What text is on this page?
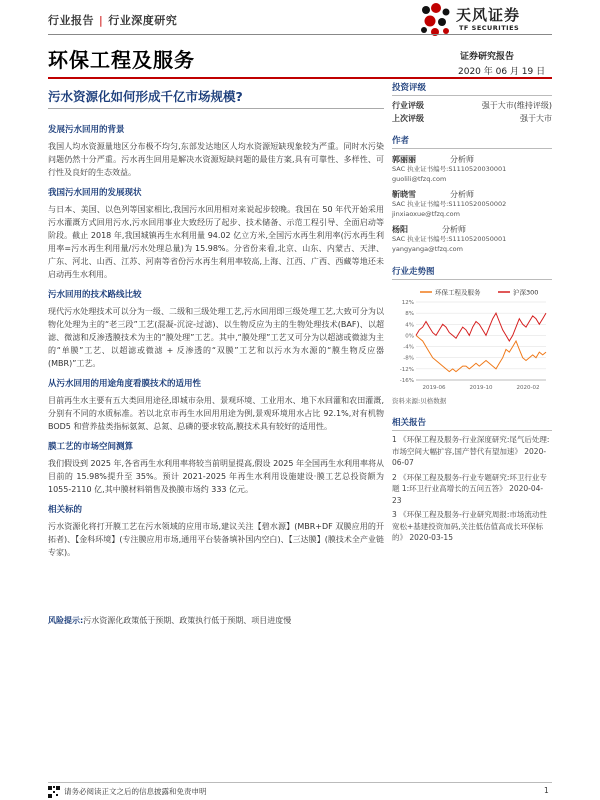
行业报告 | 行业深度研究	天风证券
TF SECURITIES
环保工程及服务	证券研究报告
2020 年 06 月 19 日
污水资源化如何形成千亿市场规模?
发展污水回用的背景

我国人均水资源量地区分布极不均匀,东部发达地区人均水资源短缺现象较为严重。同时水污染问题仍然十分严重。污水再生回用是解决水资源短缺问题的最佳方案,具有可靠性、多样性、可行性及良好的生态效益。

我国污水回用的发展现状

与日本、美国、以色列等国家相比,我国污水回用相对来说起步较晚。我国在 50 年代开始采用污水灌溉方式回用污水,污水回用事业大致经历了起步、技术储备、示范工程引导、全面启动等阶段。截止 2018 年,我国城镇再生水利用量 94.02 亿立方米,全国污水再生利用率(污水再生利用率=污水再生利用量/污水处理总量)为 15.98%。分省份来看,北京、山东、内蒙古、天津、广东、河北、山西、江苏、河南等省份污水再生利用率较高,上海、江西、广西、西藏等地还未启动再生水利用。

污水回用的技术路线比较

现代污水处理技术可以分为一级、二级和三级处理工艺,污水回用即三级处理工艺,大致可分为以物化处理为主的“老三段”工艺(混凝-沉淀-过滤)、以生物反应为主的生物处理技术(BAF)、以超滤、微滤和反渗透膜技术为主的“膜处理”工艺。其中,“膜处理”工艺又可分为以超滤或微滤为主的“单膜”工艺、以超滤或微滤 + 反渗透的“双膜”工艺和以污水为水源的“膜生物反应器(MBR)”工艺。

从污水回用的用途角度看膜技术的适用性

目前再生水主要有五大类回用途径,即城市杂用、景观环境、工业用水、地下水回灌和农田灌溉,分别有不同的水质标准。若以北京市再生水回用用途为例,景观环境用水占比 92.1%,对有机物 BOD5 和营养盐类指标氨氮、总氮、总磷的要求较高,膜技术具有较好的适用性。

膜工艺的市场空间测算

我们假设到 2025 年,各省再生水利用率将较当前明显提高,假设 2025 年全国再生水利用率将从目前的 15.98%提升至 35%。预计 2021-2025 年再生水利用设施建设·膜工艺总投资额为 1055-2110 亿,其中膜材料销售及换膜市场约 333 亿元。

相关标的

污水资源化将打开膜工艺在污水领域的应用市场,建议关注【碧水源】(MBR+DF 双膜应用的开拓者)、【金科环境】(专注膜应用市场,通用平台装备填补国内空白)、【三达膜】(膜技术全产业链专家)。

风险提示:污水资源化政策低于预期、政策执行低于预期、项目进度慢
投资评级
行业评级	强于大市(维持评级)
上次评级	强于大市
作者
郭丽丽	分析师
SAC 执业证书编号:S1110520030001
guolili@tfzq.com
靳晓雪	分析师
SAC 执业证书编号:S1110520050002
jinxiaoxue@tfzq.com
杨阳	分析师
SAC 执业证书编号:S1110520050001
yangyanga@tfzq.com
行业走势图
环保工程及服务	沪深300
12%
8%
4%
0%
-4%
-8%
-12%
-16%
2019-06	2019-10	2020-02
资料来源:贝格数据
相关报告
1 《环保工程及服务-行业深度研究:尾气后处理:市场空间大幅扩容,国产替代有望加速》 2020-06-07
2 《环保工程及服务-行业专题研究:环卫行业专题 1:环卫行业高增长的五问五答》 2020-04-23
3 《环保工程及服务-行业研究周报:市场流动性宽松+基建投资加码,关注低估值高成长环保标的》 2020-03-15
请务必阅读正文之后的信息披露和免责申明	1
